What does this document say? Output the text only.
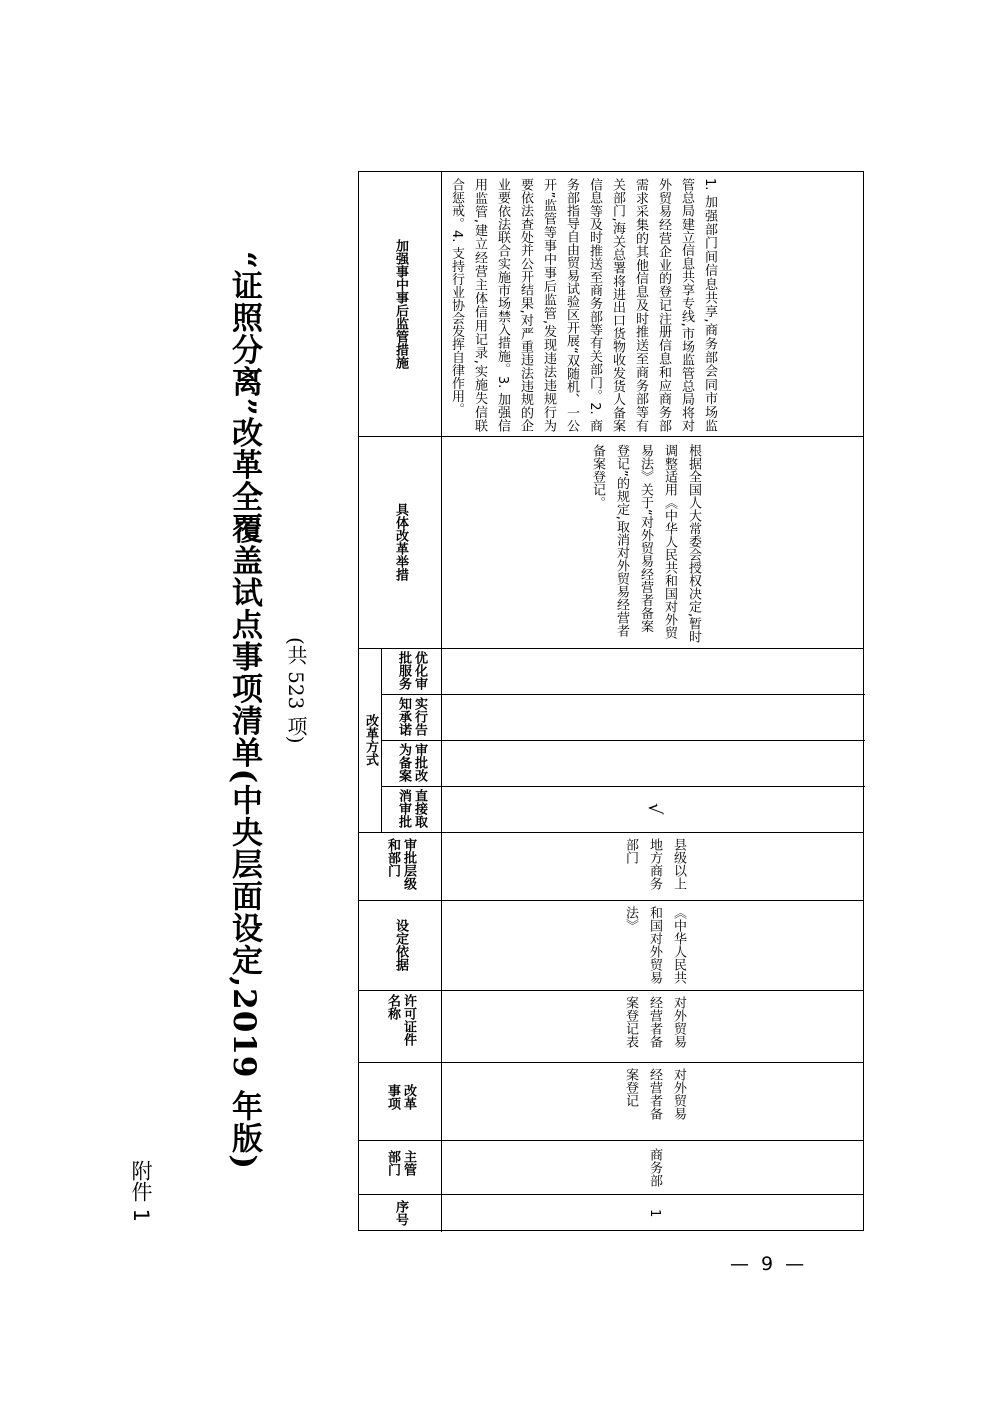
附件 1
“证照分离”改革全覆盖试点事项清单(中央层面设定,2019 年版) (共 523 项)
加强事中事后监管措施
具体改革举措
改革方式
优化审批服务
实行告知承诺
审批改为备案
直接取消审批
审批层级和部门
设定依据
许可证件名称
改革事项
主管部门
序号
1. 加强部门间信息共享,商务部会同市场监管总局建立信息共享专线,市场监管总局将对外贸易经营企业的登记注册信息和应商务部需求采集的其他信息及时推送至商务部等有关部门,海关总署将进出口货物收发货人备案信息等及时推送至商务部等有关部门。2. 商务部指导自由贸易试验区开展“双随机、一公开”监管等事中事后监管,发现违法违规行为要依法查处并公开结果,对严重违法违规的企业要依法联合实施市场禁入措施。3. 加强信用监管,建立经营主体信用记录,实施失信联合惩戒。4. 支持行业协会发挥自律作用。
根据全国人大常委会授权决定,暂时调整适用《中华人民共和国对外贸易法》关于“对外贸易经营者备案登记”的规定,取消对外贸易经营者备案登记。
√
县级以上地方商务部门
《中华人民共和国对外贸易法》
对外贸易经营者备案登记表
对外贸易经营者备案登记
商务部
1
— 9 —
